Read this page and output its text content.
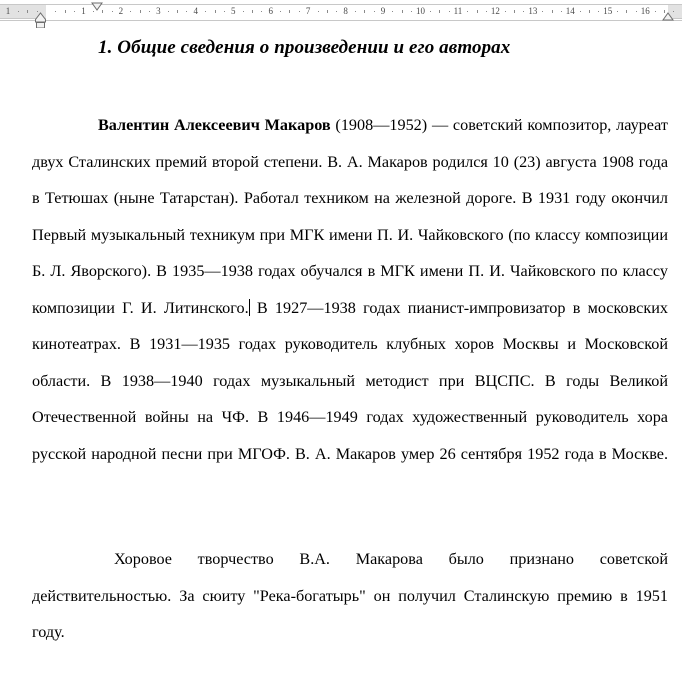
1	2	3	4	5	6	7	8	9	10	11	12	13	14	15	16
1
1. Общие сведения о произведении и его авторах

Валентин Алексеевич Макаров (1908—1952) — советский композитор, лауреат двух Сталинских премий второй степени. В. А. Макаров родился 10 (23) августа 1908 года в Тетюшах (ныне Татарстан). Работал техником на железной дороге. В 1931 году окончил Первый музыкальный техникум при МГК имени П. И. Чайковского (по классу композиции Б. Л. Яворского). В 1935—1938 годах обучался в МГК имени П. И. Чайковского по классу композиции Г. И. Литинского. В 1927—1938 годах пианист-импровизатор в московских кинотеатрах. В 1931—1935 годах руководитель клубных хоров Москвы и Московской области. В 1938—1940 годах музыкальный методист при ВЦСПС. В годы Великой Отечественной войны на ЧФ. В 1946—1949 годах художественный руководитель хора русской народной песни при МГОФ. В. А. Макаров умер 26 сентября 1952 года в Москве.

Хоровое творчество В.А. Макарова было признано советской действительностью. За сюиту "Река-богатырь" он получил Сталинскую премию в 1951 году.
